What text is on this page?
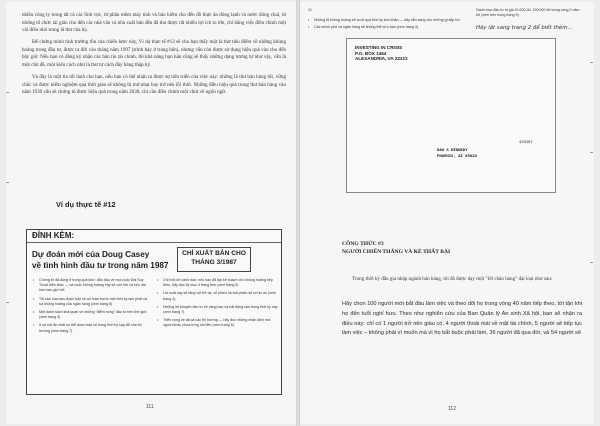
nhiều công ty trong tất cả các lĩnh vực, từ phần mềm máy tính và bảo hiểm cho đến đồ thực ăn đóng lạnh và nước đóng chai, từ những tổ chức tài giáo cho đến các nhà văn và nhà xuất bản đều đã thu được rất nhiều lợi ích to lớn, chỉ bằng việc điều chỉnh một vài điều nhỏ trong lá thư của họ.

Để chứng minh tính trường tồn của chiến lược này, Ví dụ thực tế #12 sẽ cho bạn thấy một lá thư tiêu điểm về những khủng hoảng trong đầu tư, được ra đời vào tháng năm 1997 (trình bày ở trang bên), nhưng vẫn còn được sử dụng hiệu quả vào cho đến bây giờ. Nếu bạn có đăng ký nhận các bản tin tài chính, thì khả năng bạn hẳn cũng sẽ thấy những dạng tương tự như vậy, vẫn là một chủ đề, một kiểu cách như là thư tư cách đây hàng thập kỷ.

Và đây là một tin tốt lành cho bạn, nếu bạn có thể nhận ra được sự tiến triển của việc này: những lá thư bán hàng tốt, vững chắc và được kiểm nghiệm qua thời gian sẽ không bị mờ nhạt hay trở nên lỗi thời. Những điều hiệu quả trong thư bán hàng vào năm 1930 vẫn sẽ chứng tỏ được hiệu quả trong năm 2030, chỉ cần điều chỉnh một chút về ngôn ngữ.

Ví dụ thực tế #12
ĐÍNH KÈM:
Dự đoán mới của Doug Casey
về tình hình đầu tư trong năm 1987
CHỈ XUẤT BẢN CHO
THÁNG 3/1987
• Chứng tỏ đã đúng ở trong quá khứ: dẫn đầu về mọi cuộc Đại Suy Thoái hiện thực — và cuộc khủng hoảng này sẽ còn lớn và kéo dài hơn bao giờ hết
• Tài sản của bạn được bảo vệ an toàn trước một thời kỳ lạm phát và sự khủng hoảng của ngân hàng (xem trang 5)
• Một danh sách khả quan về những "điểm nóng" đầu tư trên thế giới (xem trang 3)
• 5 cơ hội đề nhất có thể được bảo vệ trong thời kỳ sụp đổ của thị trường (xem trang 7)
• Chỉ một lời cảnh báo: nếu bạn đã lập kế hoạch cho khủng hoảng tiếp theo, hãy đọc kỹ mục 4 trang bên (xem trang 5)
• Lời suất vay sẽ tăng vọt trở lại, cổ phiếu và trái phiếu sẽ rơi tự do (xem trang 4)
• Những lời khuyên đầu tư về vàng bạc và bất động sản trong thời kỳ này (xem trang 7)
• Triển vọng về tất cả các thị trường — hãy đọc những nhận định mà người khác chưa từng nói đến (xem trang 6)
111
31	Danh mục đầu tư trị giá 10.000 đô: 150.000 đô trong vòng 2 năm tới (xem bên trong trang 9)
• Những tổ khủng hoảng sẽ vượt qua thời kỳ khó khăn — hãy sẵn sàng cho những gì sắp tới
• Các chính phủ và ngân hàng sẽ không thể cứu bạn (xem trang 3)	Hãy lật sang trang 2 để biết thêm...
INVESTING IN CRISIS
P.O. BOX 1464
ALEXANDRIA, VA 22313
498387
DAN S KENNEDY
PHOENIX, AZ 85020
CÔNG THỨC #3
NGƯỜI CHIẾN THẮNG VÀ KẺ THẤT BẠI

Trong thời kỳ đầu gia nhập ngành bán hàng, tôi đã được dạy một "lời chào hàng" đại loại như sau:

Hãy chọn 100 người mới bắt đầu làm việc và theo dõi họ trong vòng 40 năm tiếp theo, tới tận khi họ đến tuổi nghỉ hưu. Theo như nghiên cứu của Ban Quản lý An sinh Xã hội, bạn sẽ nhận ra điều này: chỉ có 1 người trở nên giàu có, 4 người thoải mái về mặt tài chính, 5 người sẽ tiếp tục làm việc – không phải vì muốn mà vì họ bắt buộc phải làm, 36 người đã qua đời, và 54 người sẽ
112
